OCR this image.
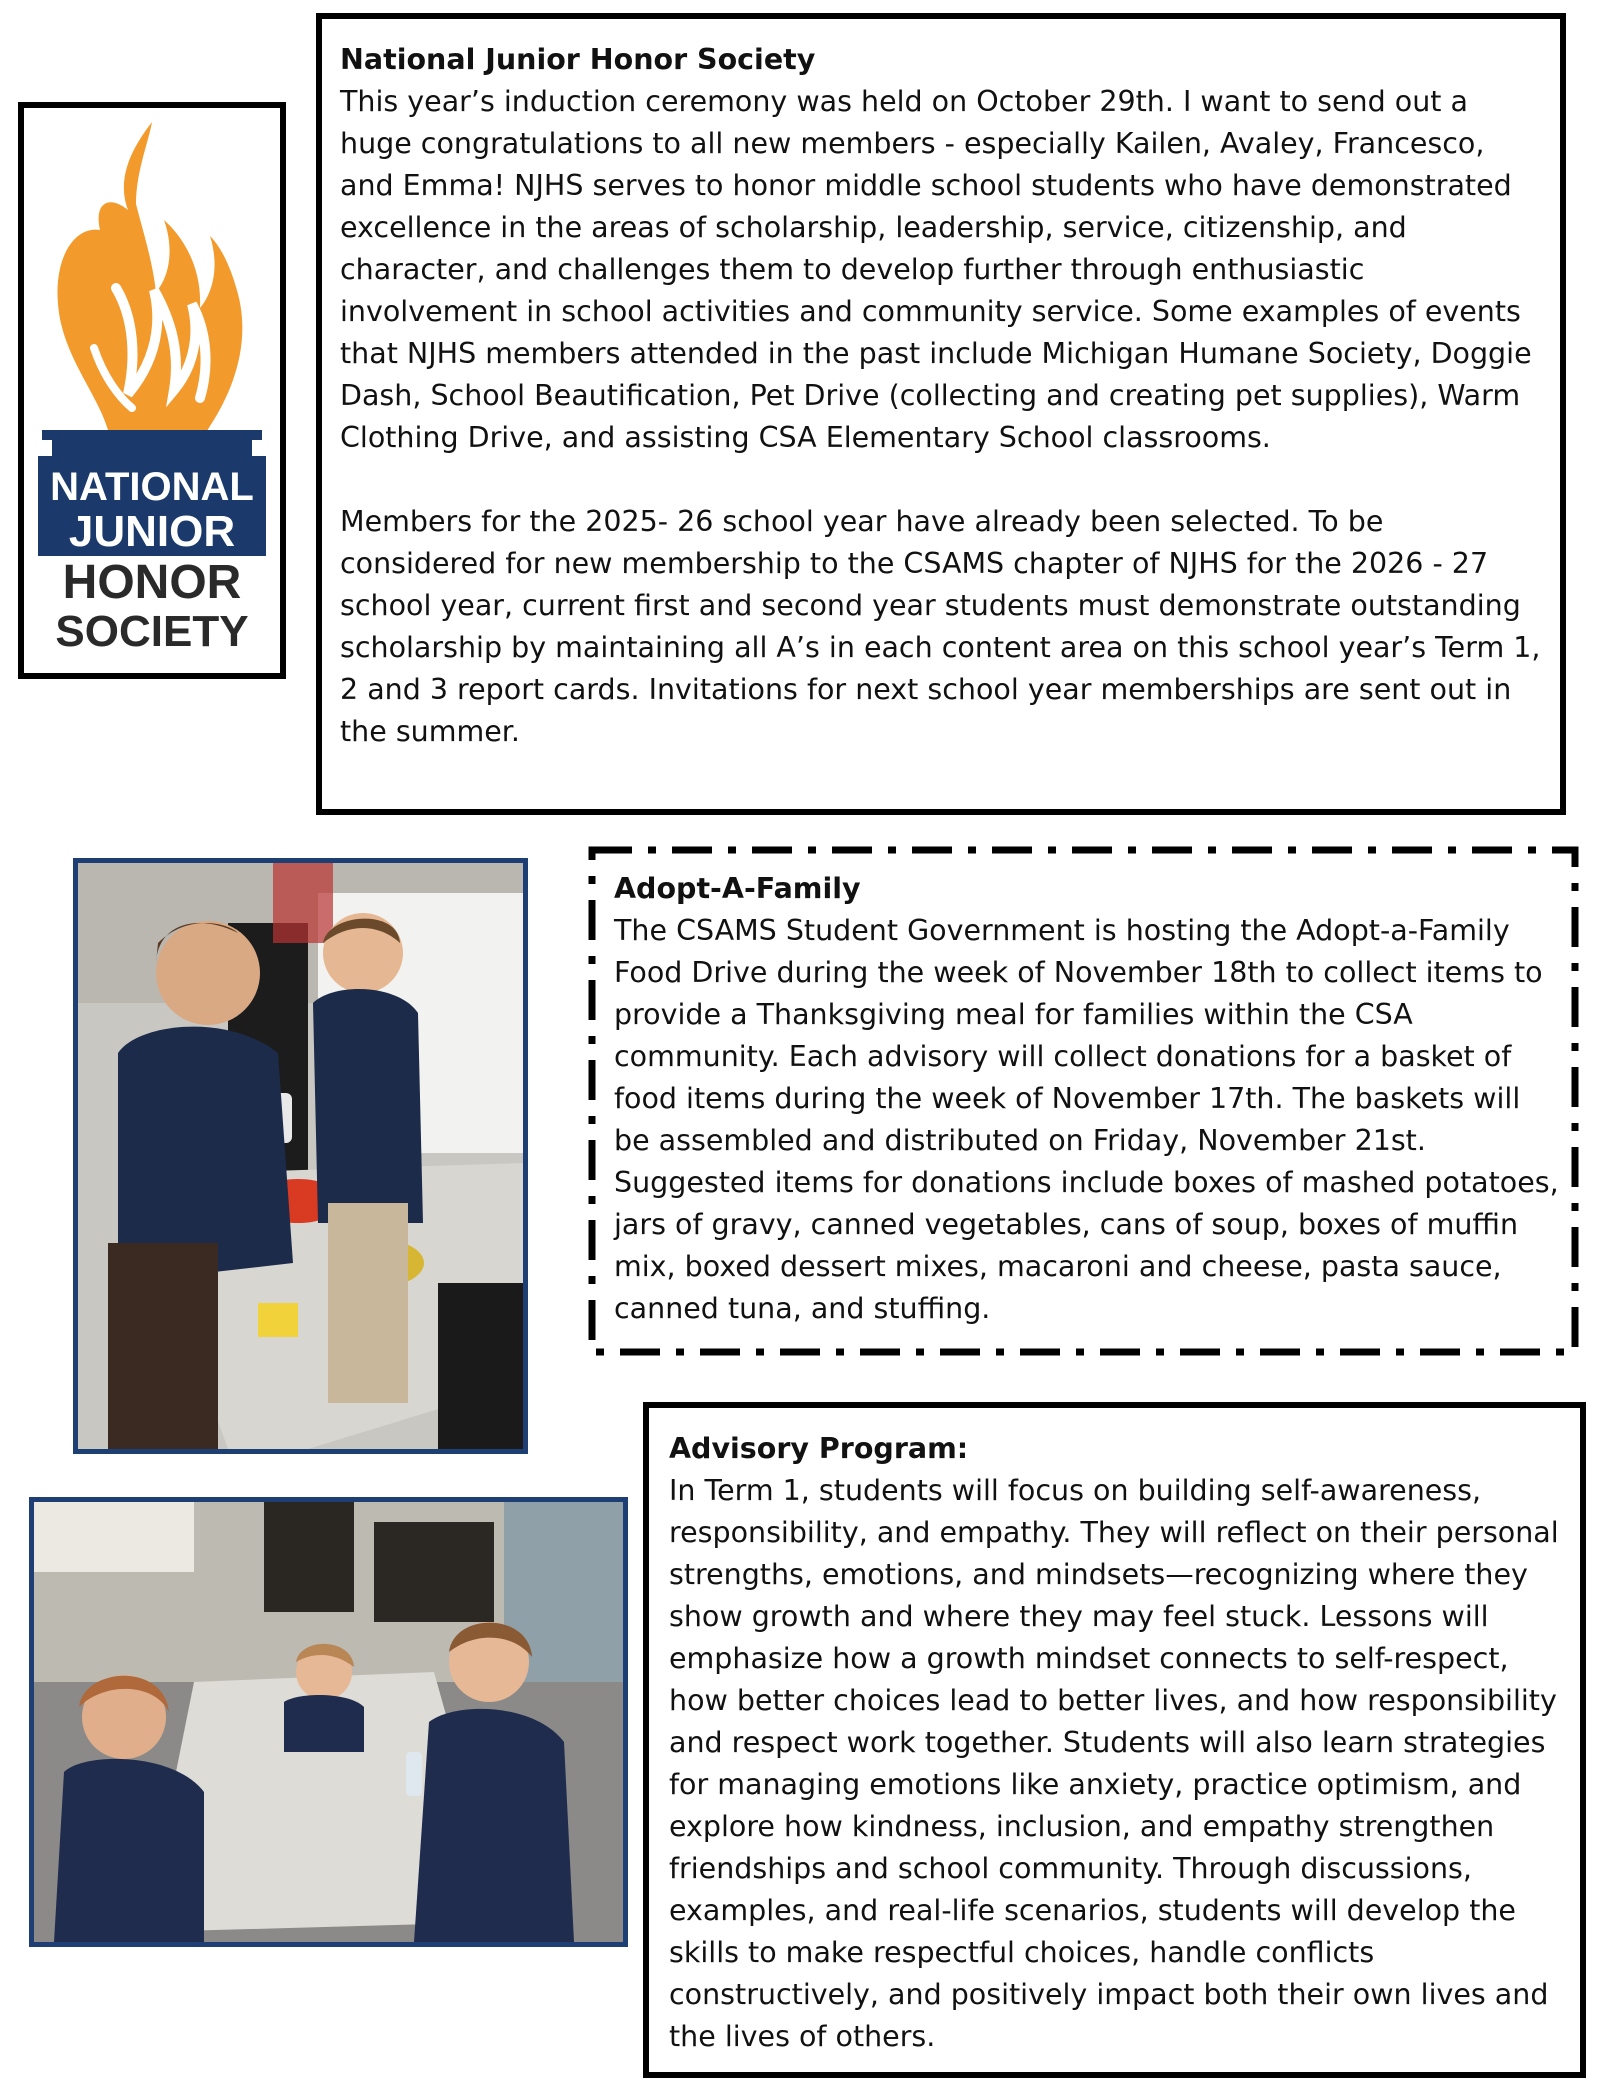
NATIONAL
JUNIOR
HONOR
SOCIETY
National Junior Honor Society

This year’s induction ceremony was held on October 29th. I want to send out a huge congratulations to all new members - especially Kailen, Avaley, Francesco, and Emma! NJHS serves to honor middle school students who have demonstrated excellence in the areas of scholarship, leadership, service, citizenship, and character, and challenges them to develop further through enthusiastic involvement in school activities and community service. Some examples of events that NJHS members attended in the past include Michigan Humane Society, Doggie Dash, School Beautification, Pet Drive (collecting and creating pet supplies), Warm Clothing Drive, and assisting CSA Elementary School classrooms.

Members for the 2025- 26 school year have already been selected. To be considered for new membership to the CSAMS chapter of NJHS for the 2026 - 27 school year, current first and second year students must demonstrate outstanding scholarship by maintaining all A’s in each content area on this school year’s Term 1, 2 and 3 report cards. Invitations for next school year memberships are sent out in the summer.

Adopt-A-Family

The CSAMS Student Government is hosting the Adopt-a-Family Food Drive during the week of November 18th to collect items to provide a Thanksgiving meal for families within the CSA community. Each advisory will collect donations for a basket of food items during the week of November 17th. The baskets will be assembled and distributed on Friday, November 21st. Suggested items for donations include boxes of mashed potatoes, jars of gravy, canned vegetables, cans of soup, boxes of muffin mix, boxed dessert mixes, macaroni and cheese, pasta sauce, canned tuna, and stuffing.

Advisory Program:

In Term 1, students will focus on building self-awareness, responsibility, and empathy. They will reflect on their personal strengths, emotions, and mindsets—recognizing where they show growth and where they may feel stuck. Lessons will emphasize how a growth mindset connects to self-respect, how better choices lead to better lives, and how responsibility and respect work together. Students will also learn strategies for managing emotions like anxiety, practice optimism, and explore how kindness, inclusion, and empathy strengthen friendships and school community. Through discussions, examples, and real-life scenarios, students will develop the skills to make respectful choices, handle conflicts constructively, and positively impact both their own lives and the lives of others.
